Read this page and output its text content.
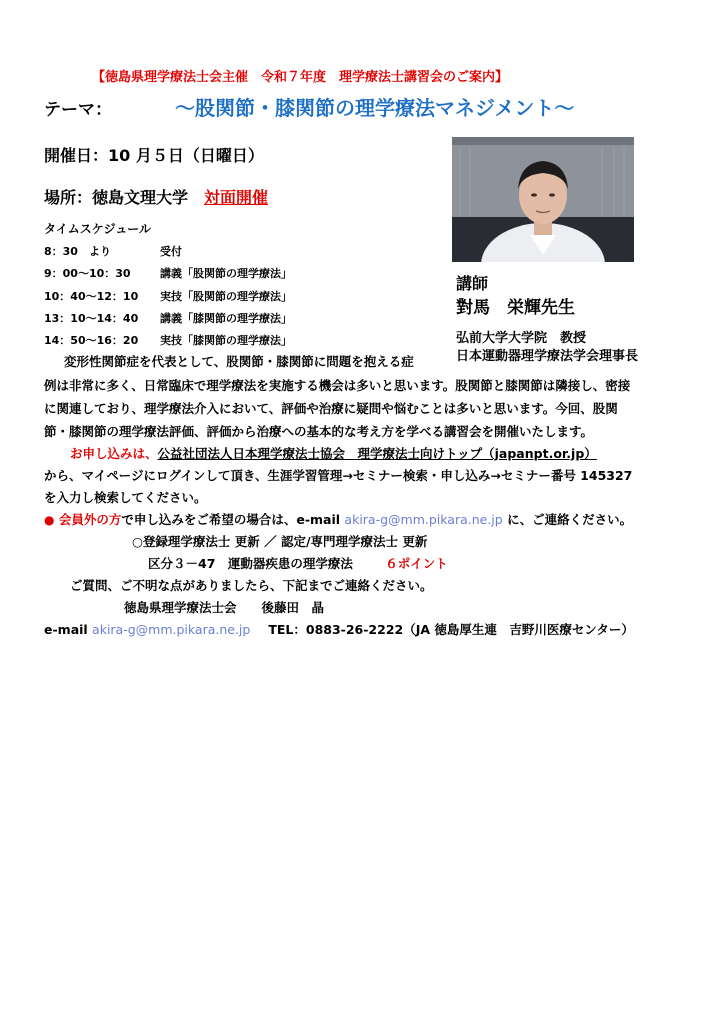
【徳島県理学療法士会主催　令和７年度　理学療法士講習会のご案内】
テーマ：	～股関節・膝関節の理学療法マネジメント～
開催日：10 月５日（日曜日）
場所：徳島文理大学 対面開催
講師
對馬　栄輝先生
弘前大学大学院　教授
日本運動器理学療法学会理事長
タイムスケジュール
8：30　より	受付
9：00～10：30	講義「股関節の理学療法」
10：40～12：10 実技「股関節の理学療法」
13：10～14：40 講義「膝関節の理学療法」
14：50～16：20 実技「膝関節の理学療法」
変形性関節症を代表として、股関節・膝関節に問題を抱える症
例は非常に多く、日常臨床で理学療法を実施する機会は多いと思います。股関節と膝関節は隣接し、密接
に関連しており、理学療法介入において、評価や治療に疑問や悩むことは多いと思います。今回、股関
節・膝関節の理学療法評価、評価から治療への基本的な考え方を学べる講習会を開催いたします。
お申し込みは、公益社団法人日本理学療法士協会　理学療法士向けトップ（japanpt.or.jp）
から、マイページにログインして頂き、生涯学習管理→セミナー検索・申し込み→セミナー番号 145327
を入力し検索してください。
● 会員外の方で申し込みをご希望の場合は、e-mail akira-g@mm.pikara.ne.jp に、ご連絡ください。
○登録理学療法士 更新 ／ 認定/専門理学療法士 更新
区分３－47　運動器疾患の理学療法	６ポイント
ご質問、ご不明な点がありましたら、下記までご連絡ください。
徳島県理学療法士会　　後藤田　晶
e-mail akira-g@mm.pikara.ne.jp TEL：0883-26-2222（JA 徳島厚生連　吉野川医療センター）
